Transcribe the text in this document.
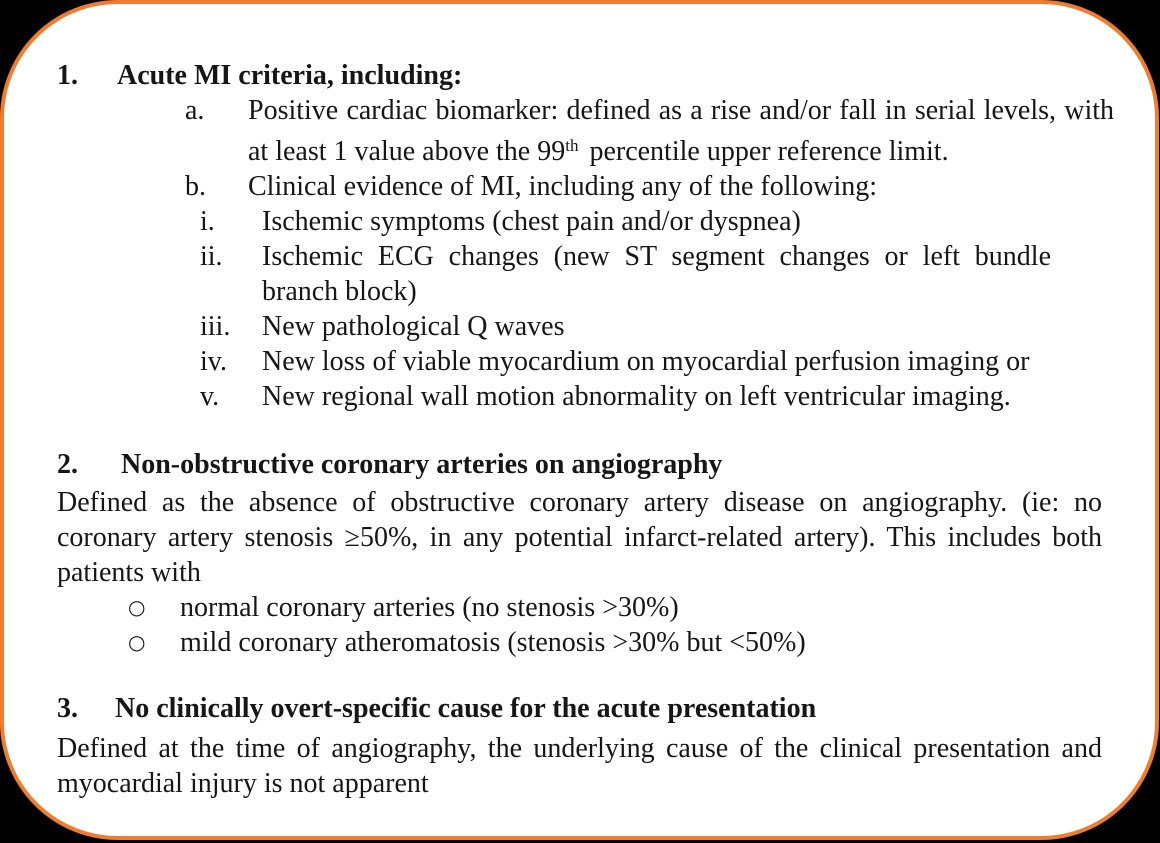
1.	Acute MI criteria, including:
a.	Positive cardiac biomarker: defined as a rise and/or fall in serial levels, with at least 1 value above the 99th percentile upper reference limit.
b.	Clinical evidence of MI, including any of the following:
i.	Ischemic symptoms (chest pain and/or dyspnea)
ii.	Ischemic ECG changes (new ST segment changes or left bundle branch block)
iii.	New pathological Q waves
iv.	New loss of viable myocardium on myocardial perfusion imaging or
v.	New regional wall motion abnormality on left ventricular imaging.
2.	Non-obstructive coronary arteries on angiography
Defined as the absence of obstructive coronary artery disease on angiography. (ie: no coronary artery stenosis ≥50%, in any potential infarct-related artery). This includes both patients with
○	normal coronary arteries (no stenosis >30%)
○	mild coronary atheromatosis (stenosis >30% but <50%)
3.	No clinically overt-specific cause for the acute presentation
Defined at the time of angiography, the underlying cause of the clinical presentation and myocardial injury is not apparent
